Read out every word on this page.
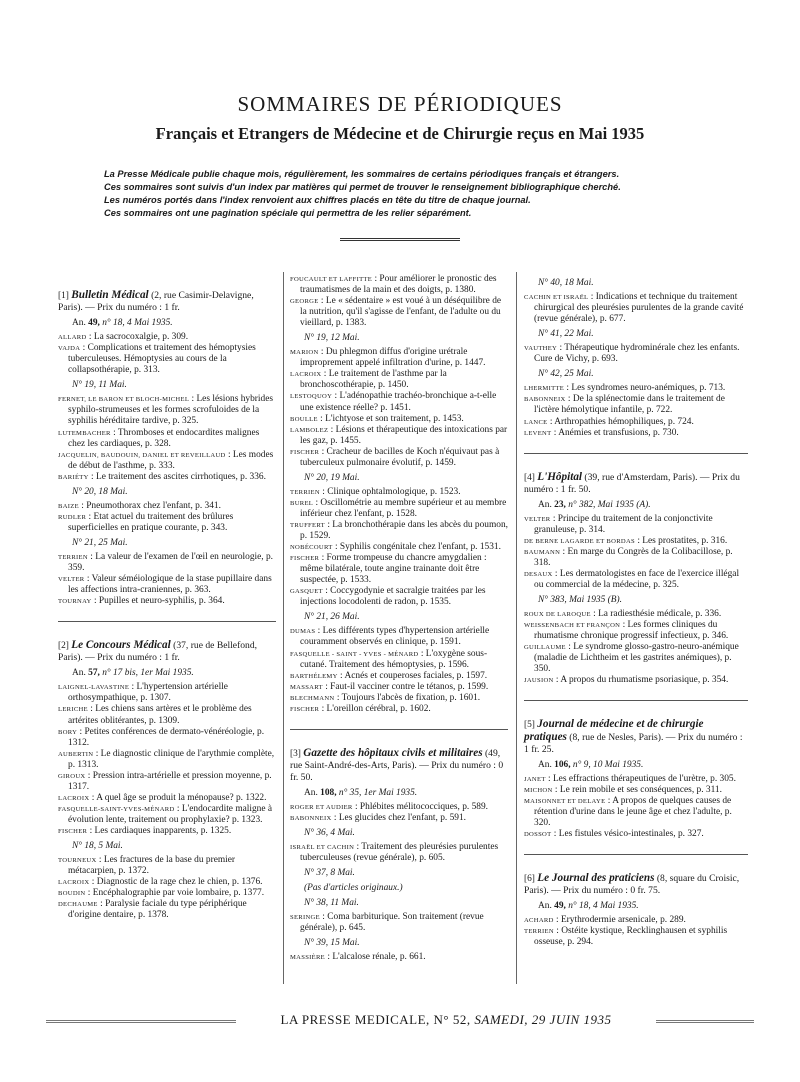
SOMMAIRES DE PÉRIODIQUES
Français et Etrangers de Médecine et de Chirurgie reçus en Mai 1935

La Presse Médicale publie chaque mois, régulièrement, les sommaires de certains périodiques français et étrangers.

Ces sommaires sont suivis d'un index par matières qui permet de trouver le renseignement bibliographique cherché.

Les numéros portés dans l'index renvoient aux chiffres placés en tête du titre de chaque journal.

Ces sommaires ont une pagination spéciale qui permettra de les relier séparément.

[1] Bulletin Médical (2, rue Casimir-Delavigne, Paris). — Prix du numéro : 1 fr.
An. 49, n° 18, 4 Mai 1935.
ALLARD : La sacrocoxalgie, p. 309.
VAJDA : Complications et traitement des hémoptysies tuberculeuses. Hémoptysies au cours de la collapsothérapie, p. 313.
N° 19, 11 Mai.
FERNET, LE BARON ET BLOCH-MICHEL : Les lésions hybrides syphilo-strumeuses et les formes scrofuloides de la syphilis héréditaire tardive, p. 325.
LUTEMBACHER : Thromboses et endocardites malignes chez les cardiaques, p. 328.
JACQUELIN, BAUDOUIN, DANIEL ET REVEILLAUD : Les modes de début de l'asthme, p. 333.
BARIÉTY : Le traitement des ascites cirrhotiques, p. 336.
N° 20, 18 Mai.
BAIZE : Pneumothorax chez l'enfant, p. 341.
RUDLER : Etat actuel du traitement des brûlures superficielles en pratique courante, p. 343.
N° 21, 25 Mai.
TERRIEN : La valeur de l'examen de l'œil en neurologie, p. 359.
VELTER : Valeur séméiologique de la stase pupillaire dans les affections intra-craniennes, p. 363.
TOURNAY : Pupilles et neuro-syphilis, p. 364.
[2] Le Concours Médical (37, rue de Bellefond, Paris). — Prix du numéro : 1 fr.
An. 57, n° 17 bis, 1er Mai 1935.
LAIGNEL-LAVASTINE : L'hypertension artérielle orthosympathique, p. 1307.
LERICHE : Les chiens sans artères et le problème des artérites oblitérantes, p. 1309.
BORY : Petites conférences de dermato-vénéréologie, p. 1312.
AUBERTIN : Le diagnostic clinique de l'arythmie complète, p. 1313.
GIROUX : Pression intra-artérielle et pression moyenne, p. 1317.
LACROIX : A quel âge se produit la ménopause? p. 1322.
FASQUELLE-SAINT-YVES-MÉNARD : L'endocardite maligne à évolution lente, traitement ou prophylaxie? p. 1323.
FISCHER : Les cardiaques inapparents, p. 1325.
N° 18, 5 Mai.
TOURNEUX : Les fractures de la base du premier métacarpien, p. 1372.
LACROIX : Diagnostic de la rage chez le chien, p. 1376.
BOUDIN : Encéphalographie par voie lombaire, p. 1377.
DECHAUME : Paralysie faciale du type périphérique d'origine dentaire, p. 1378.
FOUCAULT ET LAFFITTE : Pour améliorer le pronostic des traumatismes de la main et des doigts, p. 1380.
GEORGE : Le « sédentaire » est voué à un déséquilibre de la nutrition, qu'il s'agisse de l'enfant, de l'adulte ou du vieillard, p. 1383.
N° 19, 12 Mai.
MARION : Du phlegmon diffus d'origine urétrale improprement appelé infiltration d'urine, p. 1447.
LACROIX : Le traitement de l'asthme par la bronchoscothérapie, p. 1450.
LESTOQUOY : L'adénopathie trachéo-bronchique a-t-elle une existence réelle? p. 1451.
BOULLE : L'ichtyose et son traitement, p. 1453.
LAMBOLEZ : Lésions et thérapeutique des intoxications par les gaz, p. 1455.
FISCHER : Cracheur de bacilles de Koch n'équivaut pas à tuberculeux pulmonaire évolutif, p. 1459.
N° 20, 19 Mai.
TERRIEN : Clinique ophtalmologique, p. 1523.
BUREL : Oscillométrie au membre supérieur et au membre inférieur chez l'enfant, p. 1528.
TRUFFERT : La bronchothérapie dans les abcès du poumon, p. 1529.
NOBÉCOURT : Syphilis congénitale chez l'enfant, p. 1531.
FISCHER : Forme trompeuse du chancre amygdalien : même bilatérale, toute angine trainante doit être suspectée, p. 1533.
GASQUET : Coccygodynie et sacralgie traitées par les injections locodolenti de radon, p. 1535.
N° 21, 26 Mai.
DUMAS : Les différents types d'hypertension artérielle couramment observés en clinique, p. 1591.
FASQUELLE - SAINT - YVES - MÉNARD : L'oxygène sous-cutané. Traitement des hémoptysies, p. 1596.
BARTHÉLEMY : Acnés et couperoses faciales, p. 1597.
MASSART : Faut-il vacciner contre le tétanos, p. 1599.
BLECHMANN : Toujours l'abcès de fixation, p. 1601.
FISCHER : L'oreillon cérébral, p. 1602.
[3] Gazette des hôpitaux civils et militaires (49, rue Saint-André-des-Arts, Paris). — Prix du numéro : 0 fr. 50.
An. 108, n° 35, 1er Mai 1935.
ROGER ET AUDIER : Phlébites mélitococciques, p. 589.
BABONNEIX : Les glucides chez l'enfant, p. 591.
N° 36, 4 Mai.
ISRAËL ET CACHIN : Traitement des pleurésies purulentes tuberculeuses (revue générale), p. 605.
N° 37, 8 Mai.
(Pas d'articles originaux.)
N° 38, 11 Mai.
SERINGE : Coma barbiturique. Son traitement (revue générale), p. 645.
N° 39, 15 Mai.
MASSIÈRE : L'alcalose rénale, p. 661.
N° 40, 18 Mai.
CACHIN ET ISRAËL : Indications et technique du traitement chirurgical des pleurésies purulentes de la grande cavité (revue générale), p. 677.
N° 41, 22 Mai.
VAUTHEY : Thérapeutique hydrominérale chez les enfants. Cure de Vichy, p. 693.
N° 42, 25 Mai.
LHERMITTE : Les syndromes neuro-anémiques, p. 713.
BABONNEIX : De la splénectomie dans le traitement de l'ictère hémolytique infantile, p. 722.
LANCE : Arthropathies hémophiliques, p. 724.
LEVENT : Anémies et transfusions, p. 730.
[4] L'Hôpital (39, rue d'Amsterdam, Paris). — Prix du numéro : 1 fr. 50.
An. 23, n° 382, Mai 1935 (A).
VELTER : Principe du traitement de la conjonctivite granuleuse, p. 314.
DE BERNE LAGARDE ET BORDAS : Les prostatites, p. 316.
BAUMANN : En marge du Congrès de la Colibacillose, p. 318.
DESAUX : Les dermatologistes en face de l'exercice illégal ou commercial de la médecine, p. 325.
N° 383, Mai 1935 (B).
ROUX DE LAROQUE : La radiesthésie médicale, p. 336.
WEISSENBACH ET FRANÇON : Les formes cliniques du rhumatisme chronique progressif infectieux, p. 346.
GUILLAUME : Le syndrome glosso-gastro-neuro-anémique (maladie de Lichtheim et les gastrites anémiques), p. 350.
JAUSION : A propos du rhumatisme psoriasique, p. 354.
[5] Journal de médecine et de chirurgie pratiques (8, rue de Nesles, Paris). — Prix du numéro : 1 fr. 25.
An. 106, n° 9, 10 Mai 1935.
JANET : Les effractions thérapeutiques de l'urètre, p. 305.
MICHON : Le rein mobile et ses conséquences, p. 311.
MAISONNET ET DELAYE : A propos de quelques causes de rétention d'urine dans le jeune âge et chez l'adulte, p. 320.
DOSSOT : Les fistules vésico-intestinales, p. 327.
[6] Le Journal des praticiens (8, square du Croisic, Paris). — Prix du numéro : 0 fr. 75.
An. 49, n° 18, 4 Mai 1935.
ACHARD : Erythrodermie arsenicale, p. 289.
TERRIEN : Ostéite kystique, Recklinghausen et syphilis osseuse, p. 294.
LA PRESSE MEDICALE, N° 52, SAMEDI, 29 JUIN 1935
